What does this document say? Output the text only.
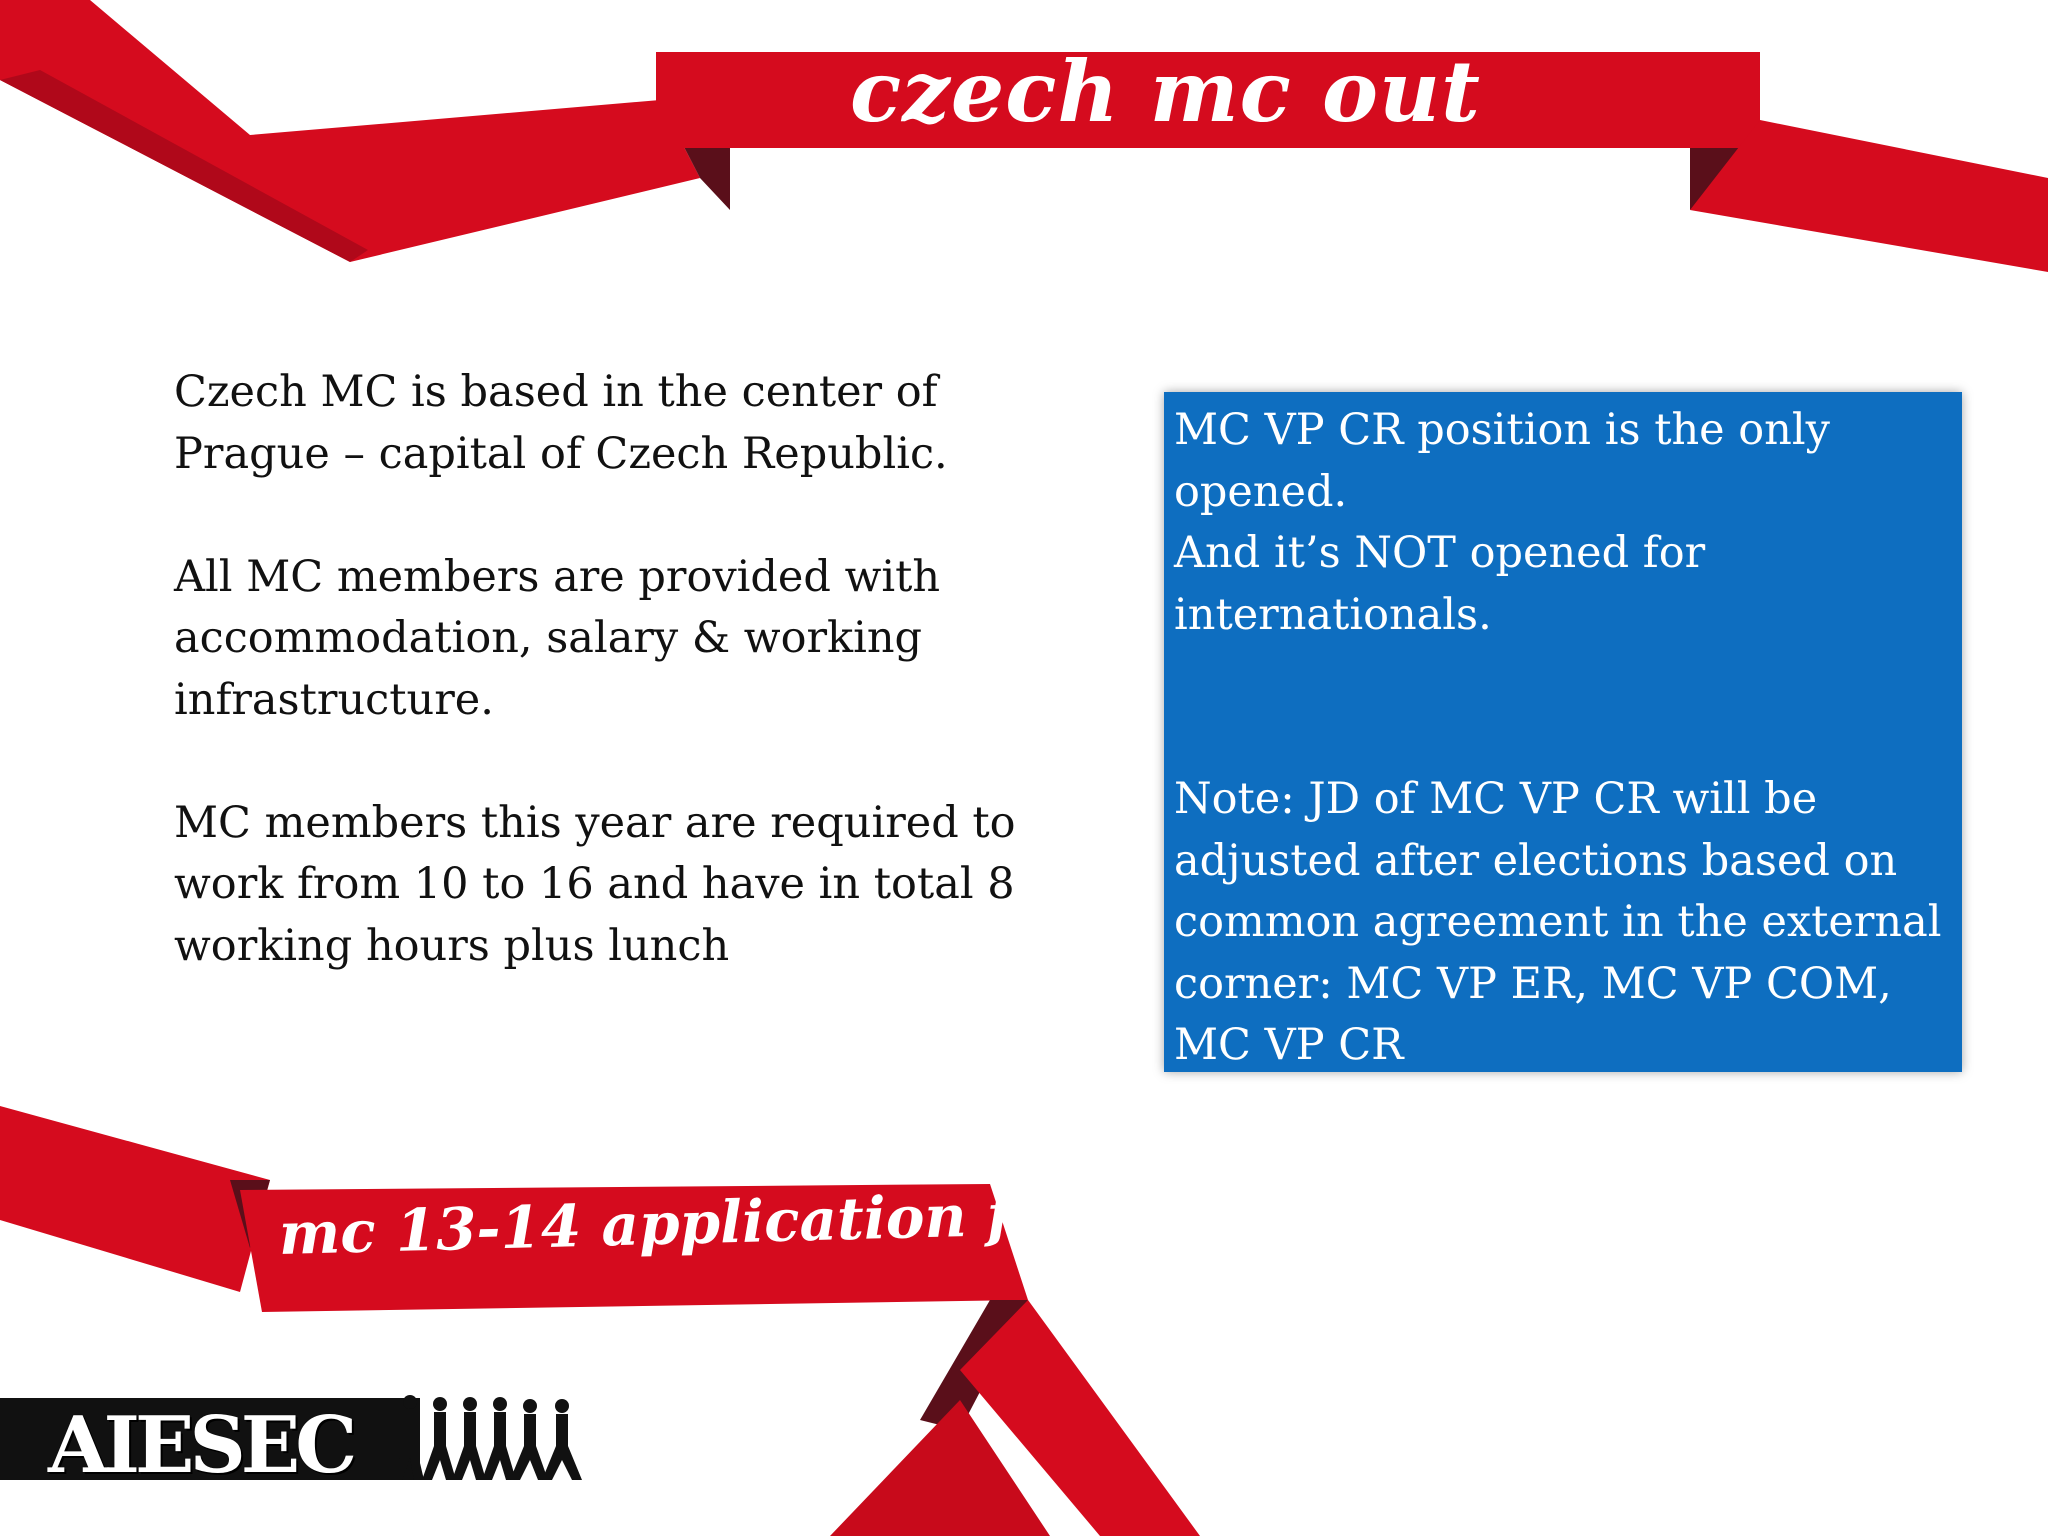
czech mc out

Czech MC is based in the center of Prague – capital of Czech Republic.

All MC members are provided with accommodation, salary & working infrastructure.

MC members this year are required to work from 10 to 16 and have in total 8 working hours plus lunch

MC VP CR position is the only opened.

And it’s NOT opened for internationals.

Note: JD of MC VP CR will be adjusted after elections based on common agreement in the external corner: MC VP ER, MC VP COM, MC VP CR

mc 13-14 application form
AIESEC
